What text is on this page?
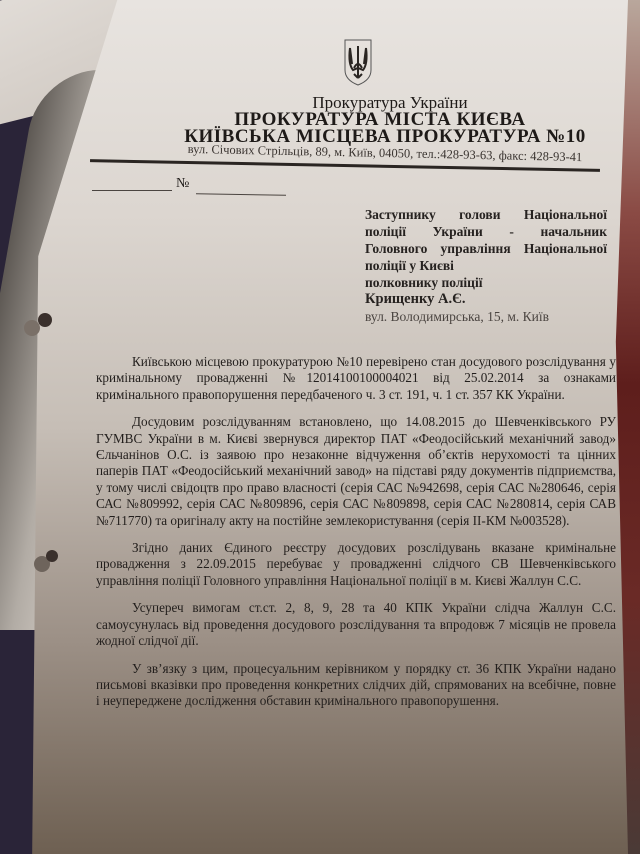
Прокуратура України
ПРОКУРАТУРА МІСТА КИЄВА
КИЇВСЬКА МІСЦЕВА ПРОКУРАТУРА №10
вул. Січових Стрільців, 89, м. Київ, 04050, тел.:428-93-63, факс: 428-93-41
№
Заступнику голови Національної
поліції України - начальник
Головного управління Національної
поліції у Києві
полковнику поліції
Крищенку А.Є.
вул. Володимирська, 15, м. Київ

Київською місцевою прокуратурою №10 перевірено стан досудового розслідування у кримінальному провадженні №12014100100004021 від 25.02.2014 за ознаками кримінального правопорушення передбаченого ч. 3 ст. 191, ч. 1 ст. 357 КК України.

Досудовим розслідуванням встановлено, що 14.08.2015 до Шевченківського РУ ГУМВС України в м. Києві звернувся директор ПАТ «Феодосійський механічний завод» Єльчанінов О.С. із заявою про незаконне відчуження об’єктів нерухомості та цінних паперів ПАТ «Феодосійський механічний завод» на підставі ряду документів підприємства, у тому числі свідоцтв про право власності (серія САС №942698, серія САС №280646, серія САС №809992, серія САС №809896, серія САС №809898, серія САС №280814, серія САВ №711770) та оригіналу акту на постійне землекористування (серія II-КМ №003528).

Згідно даних Єдиного реєстру досудових розслідувань вказане кримінальне провадження з 22.09.2015 перебуває у провадженні слідчого СВ Шевченківського управління поліції Головного управління Національної поліції в м. Києві Жаллун С.С.

Усупереч вимогам ст.ст. 2, 8, 9, 28 та 40 КПК України слідча Жаллун С.С. самоусунулась від проведення досудового розслідування та впродовж 7 місяців не провела жодної слідчої дії.

У зв’язку з цим, процесуальним керівником у порядку ст. 36 КПК України надано письмові вказівки про проведення конкретних слідчих дій, спрямованих на всебічне, повне і неупереджене дослідження обставин кримінального правопорушення.
